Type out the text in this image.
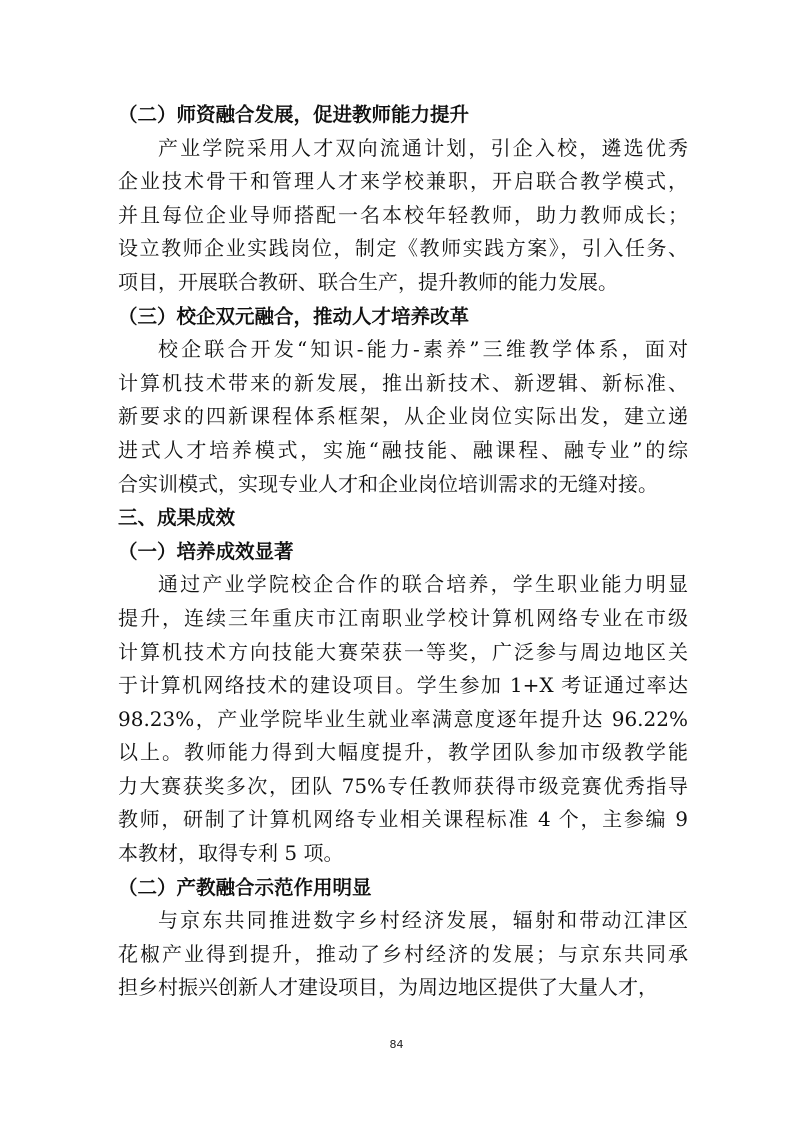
（二）师资融合发展，促进教师能力提升
产业学院采用人才双向流通计划，引企入校，遴选优秀
企业技术骨干和管理人才来学校兼职，开启联合教学模式，
并且每位企业导师搭配一名本校年轻教师，助力教师成长；
设立教师企业实践岗位，制定《教师实践方案》，引入任务、
项目，开展联合教研、联合生产，提升教师的能力发展。
（三）校企双元融合，推动人才培养改革
校企联合开发“知识-能力-素养”三维教学体系，面对
计算机技术带来的新发展，推出新技术、新逻辑、新标准、
新要求的四新课程体系框架，从企业岗位实际出发，建立递
进式人才培养模式，实施“融技能、融课程、融专业”的综
合实训模式，实现专业人才和企业岗位培训需求的无缝对接。
三、成果成效
（一）培养成效显著
通过产业学院校企合作的联合培养，学生职业能力明显
提升，连续三年重庆市江南职业学校计算机网络专业在市级
计算机技术方向技能大赛荣获一等奖，广泛参与周边地区关
于计算机网络技术的建设项目。学生参加 1+X 考证通过率达
98.23%，产业学院毕业生就业率满意度逐年提升达 96.22%
以上。教师能力得到大幅度提升，教学团队参加市级教学能
力大赛获奖多次，团队 75%专任教师获得市级竞赛优秀指导
教师，研制了计算机网络专业相关课程标准 4 个，主参编 9
本教材，取得专利 5 项。
（二）产教融合示范作用明显
与京东共同推进数字乡村经济发展，辐射和带动江津区
花椒产业得到提升，推动了乡村经济的发展；与京东共同承
担乡村振兴创新人才建设项目，为周边地区提供了大量人才，
84
